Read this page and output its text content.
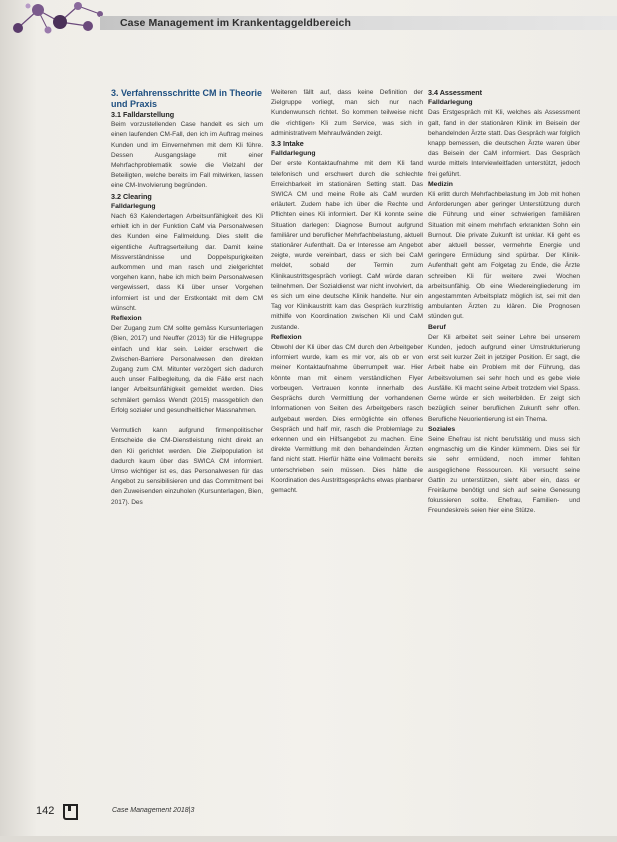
Case Management im Krankentaggeldbereich

3. Verfahrensschritte CM in Theorie und Praxis

3.1 Falldarstellung

Beim vorzustellenden Case handelt es sich um einen laufenden CM-Fall, den ich im Auftrag meines Kunden und im Einvernehmen mit dem Kli führe. Dessen Ausgangslage mit einer Mehrfachproblematik sowie die Vielzahl der Beteiligten, welche bereits im Fall mitwirken, lassen eine CM-Involvierung begründen.

3.2 Clearing

Falldarlegung

Nach 63 Kalendertagen Arbeitsunfähigkeit des Kli erhielt ich in der Funktion CaM via Personalwesen des Kunden eine Fallmeldung. Dies stellt die eigentliche Auftragserteilung dar. Damit keine Missverständnisse und Doppelspurigkeiten aufkommen und man rasch und zielgerichtet vorgehen kann, habe ich mich beim Personalwesen vergewissert, dass Kli über unser Vorgehen informiert ist und der Erstkontakt mit dem CM wünscht.

Reflexion

Der Zugang zum CM sollte gemäss Kursunterlagen (Bien, 2017) und Neuffer (2013) für die Hilfegruppe einfach und klar sein. Leider erschwert die Zwischen-Barriere Personalwesen den direkten Zugang zum CM. Mitunter verzögert sich dadurch auch unser Fallbegleitung, da die Fälle erst nach langer Arbeitsunfähigkeit gemeldet werden. Dies schmälert gemäss Wendt (2015) massgeblich den Erfolg sozialer und gesundheitlicher Massnahmen.

Vermutlich kann aufgrund firmenpolitischer Entscheide die CM-Dienstleistung nicht direkt an den Kli gerichtet werden. Die Zielpopulation ist dadurch kaum über das SWICA CM informiert. Umso wichtiger ist es, das Personalwesen für das Angebot zu sensibilisieren und das Commitment bei den Zuweisenden einzuholen (Kursunterlagen, Bien, 2017). Des

Weiteren fällt auf, dass keine Definition der Zielgruppe vorliegt, man sich nur nach Kundenwunsch richtet. So kommen teilweise nicht die ‹richtigen› Kli zum Service, was sich in administrativem Mehraufwänden zeigt.

3.3 Intake

Falldarlegung

Der erste Kontaktaufnahme mit dem Kli fand telefonisch und erschwert durch die schlechte Erreichbarkeit im stationären Setting statt. Das SWICA CM und meine Rolle als CaM wurden erläutert. Zudem habe ich über die Rechte und Pflichten eines Kli informiert. Der Kli konnte seine Situation darlegen: Diagnose Burnout aufgrund familiärer und beruflicher Mehrfachbelastung, aktuell stationärer Aufenthalt. Da er Interesse am Angebot zeigte, wurde vereinbart, dass er sich bei CaM meldet, sobald der Termin zum Klinikaustrittsgespräch vorliegt. CaM würde daran teilnehmen. Der Sozialdienst war nicht involviert, da es sich um eine deutsche Klinik handelte. Nur ein Tag vor Klinikaustritt kam das Gespräch kurzfristig mithilfe von Koordination zwischen Kli und CaM zustande.

Reflexion

Obwohl der Kli über das CM durch den Arbeitgeber informiert wurde, kam es mir vor, als ob er von meiner Kontaktaufnahme überrumpelt war. Hier könnte man mit einem verständlichen Flyer vorbeugen. Vertrauen konnte innerhalb des Gesprächs durch Vermittlung der vorhandenen Informationen von Seiten des Arbeitgebers rasch aufgebaut werden. Dies ermöglichte ein offenes Gespräch und half mir, rasch die Problemlage zu erkennen und ein Hilfsangebot zu machen. Eine direkte Vermittlung mit den behandelnden Ärzten fand nicht statt. Hierfür hätte eine Vollmacht bereits unterschrieben sein müssen. Dies hätte die Koordination des Austrittsgesprächs etwas planbarer gemacht.

3.4 Assessment

Falldarlegung

Das Erstgespräch mit Kli, welches als Assessment galt, fand in der stationären Klinik im Beisein der behandelnden Ärzte statt. Das Gespräch war folglich knapp bemessen, die deutschen Ärzte waren über das Beisein der CaM informiert. Das Gespräch wurde mittels Interviewleitfaden unterstützt, jedoch frei geführt.

Medizin

Kli erlitt durch Mehrfachbelastung im Job mit hohen Anforderungen aber geringer Unterstützung durch die Führung und einer schwierigen familiären Situation mit einem mehrfach erkrankten Sohn ein Burnout. Die private Zukunft ist unklar. Kli geht es aber aktuell besser, vermehrte Energie und geringere Ermüdung sind spürbar. Der Klinik-Aufenthalt geht am Folgetag zu Ende, die Ärzte schreiben Kli für weitere zwei Wochen arbeitsunfähig. Ob eine Wiedereingliederung im angestammten Arbeitsplatz möglich ist, sei mit den ambulanten Ärzten zu klären. Die Prognosen stünden gut.

Beruf

Der Kli arbeitet seit seiner Lehre bei unserem Kunden, jedoch aufgrund einer Umstrukturierung erst seit kurzer Zeit in jetziger Position. Er sagt, die Arbeit habe ein Problem mit der Führung, das Arbeitsvolumen sei sehr hoch und es gebe viele Ausfälle. Kli macht seine Arbeit trotzdem viel Spass. Gerne würde er sich weiterbilden. Er zeigt sich bezüglich seiner beruflichen Zukunft sehr offen. Berufliche Neuorientierung ist ein Thema.

Soziales

Seine Ehefrau ist nicht berufstätig und muss sich engmaschig um die Kinder kümmern. Dies sei für sie sehr ermüdend, noch immer fehlten ausgeglichene Ressourcen. Kli versucht seine Gattin zu unterstützen, sieht aber ein, dass er Freiräume benötigt und sich auf seine Genesung fokussieren sollte. Ehefrau, Familien- und Freundeskreis seien hier eine Stütze.

142	Case Management 2018|3
